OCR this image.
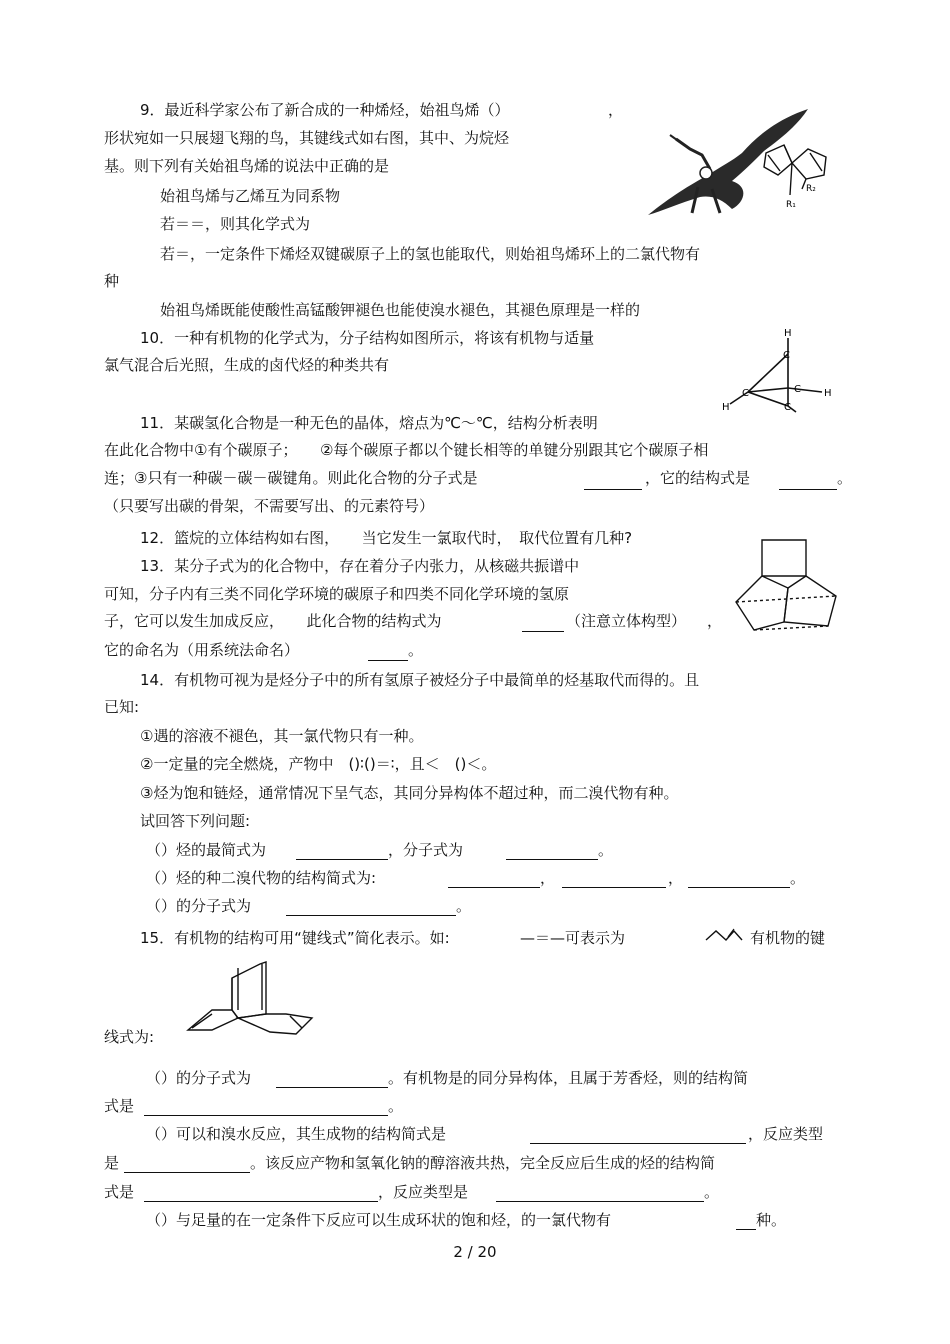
9．最近科学家公布了新合成的一种烯烃，始祖鸟烯（）	，
形状宛如一只展翅飞翔的鸟，其键线式如右图，其中、为烷烃
基。则下列有关始祖鸟烯的说法中正确的是
始祖鸟烯与乙烯互为同系物
若＝＝，则其化学式为
若＝，一定条件下烯烃双键碳原子上的氢也能取代，则始祖鸟烯环上的二氯代物有
种
始祖鸟烯既能使酸性高锰酸钾褪色也能使溴水褪色，其褪色原理是一样的
R₂
R₁
10．一种有机物的化学式为，分子结构如图所示，将该有机物与适量
氯气混合后光照，生成的卤代烃的种类共有
H
C
C	C
C
H
H
11．某碳氢化合物是一种无色的晶体，熔点为℃～℃，结构分析表明
在此化合物中①有个碳原子；　　②每个碳原子都以个键长相等的单键分别跟其它个碳原子相
连；③只有一种碳－碳－碳键角。则此化合物的分子式是	，它的结构式是	。
（只要写出碳的骨架，不需要写出、的元素符号）
12．篮烷的立体结构如右图，　　当它发生一氯取代时，　取代位置有几种?
13．某分子式为的化合物中，存在着分子内张力，从核磁共振谱中
可知，分子内有三类不同化学环境的碳原子和四类不同化学环境的氢原
子，它可以发生加成反应，　　此化合物的结构式为	（注意立体构型） ，
它的命名为（用系统法命名）	。
14．有机物可视为是烃分子中的所有氢原子被烃分子中最简单的烃基取代而得的。且
已知:
①遇的溶液不褪色，其一氯代物只有一种。
②一定量的完全燃烧，产物中　()∶()＝∶，且＜　()＜。
③烃为饱和链烃，通常情况下呈气态，其同分异构体不超过种，而二溴代物有种。
试回答下列问题:
（）烃的最简式为	，分子式为	。
（）烃的种二溴代物的结构简式为:	，	，	。
（）的分子式为	。
15．有机物的结构可用“键线式”简化表示。如:	—＝—可表示为	有机物的键
线式为:
（）的分子式为	。有机物是的同分异构体，且属于芳香烃，则的结构简
式是	。
（）可以和溴水反应，其生成物的结构简式是	，反应类型
是	。该反应产物和氢氧化钠的醇溶液共热，完全反应后生成的烃的结构简
式是	，反应类型是	。
（）与足量的在一定条件下反应可以生成环状的饱和烃，的一氯代物有	种。
2 / 20
